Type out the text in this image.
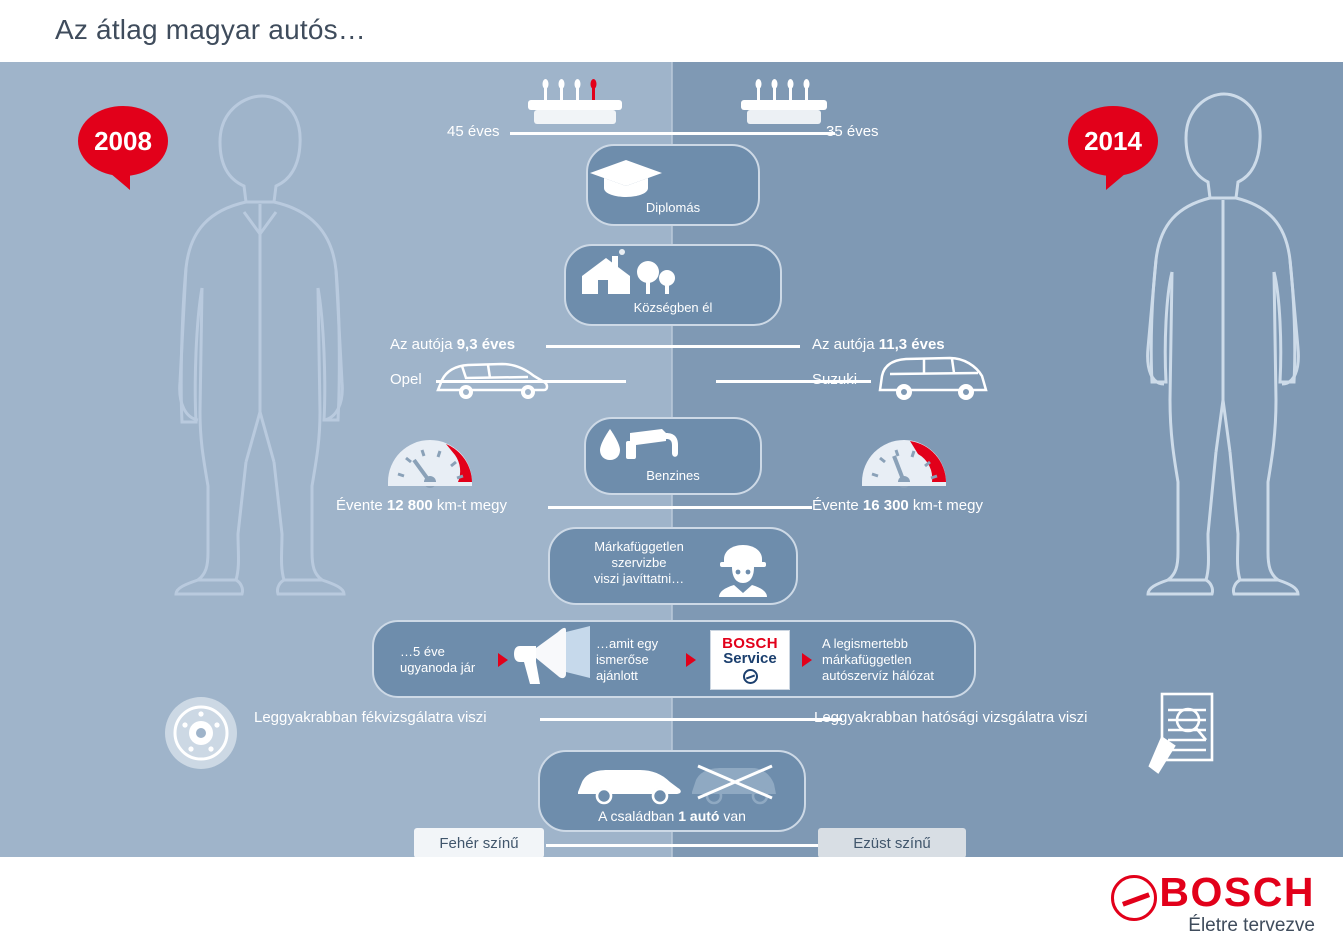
Az átlag magyar autós…
2008	2014
45 éves	35 éves
Diplomás
Községben él
Az autója 9,3 éves	Az autója 11,3 éves
Opel	Suzuki
Benzines
Évente 12 800 km-t megy	Évente 16 300 km-t megy
Márkafüggetlen
szervizbe
viszi javíttatni…
…5 éve
ugyanoda jár
…amit egy
ismerőse
ajánlott
BOSCH
Service
A legismertebb
márkafüggetlen
autószervíz hálózat
Leggyakrabban fékvizsgálatra viszi	Leggyakrabban hatósági vizsgálatra viszi
A családban 1 autó van
Fehér színű	Ezüst színű
BOSCH
Életre tervezve
